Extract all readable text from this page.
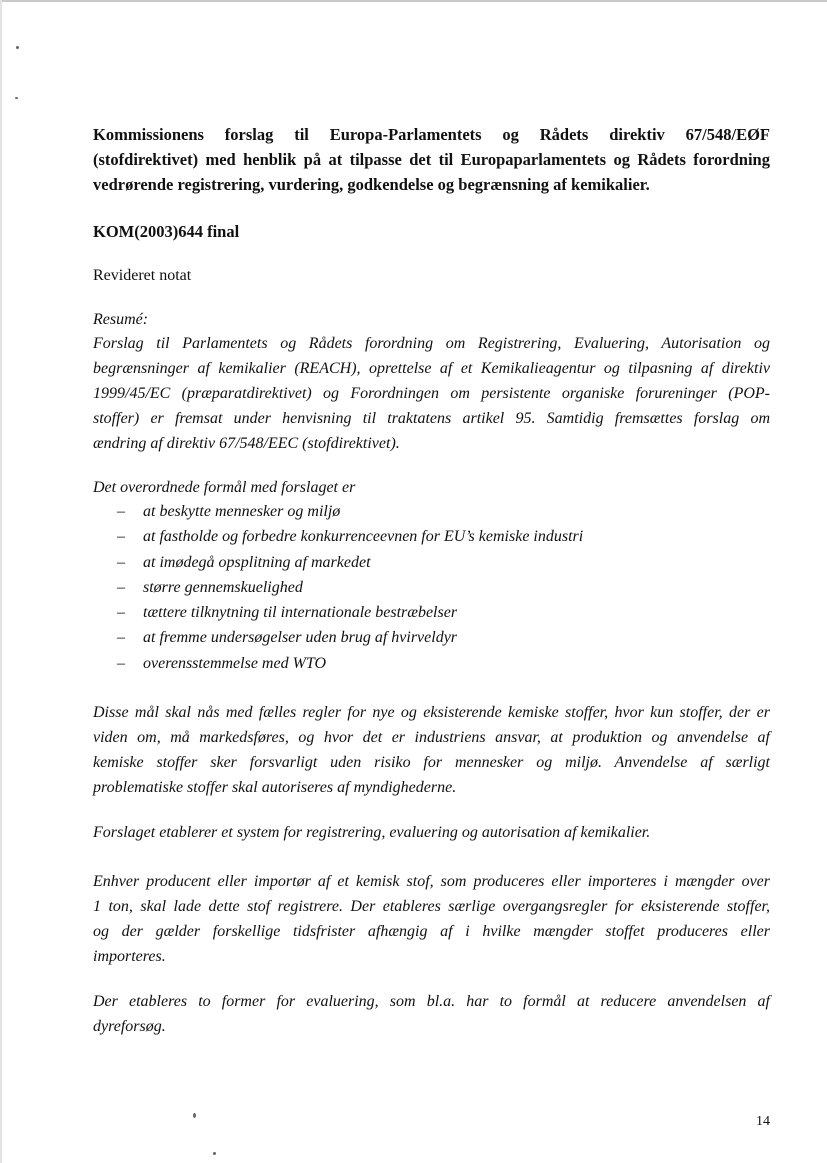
Kommissionens forslag til Europa-Parlamentets og Rådets direktiv 67/548/EØF
(stofdirektivet) med henblik på at tilpasse det til Europaparlamentets og Rådets forordning
vedrørende registrering, vurdering, godkendelse og begrænsning af kemikalier.
KOM(2003)644 final
Revideret notat
Resumé:
Forslag til Parlamentets og Rådets forordning om Registrering, Evaluering, Autorisation og
begrænsninger af kemikalier (REACH), oprettelse af et Kemikalieagentur og tilpasning af direktiv
1999/45/EC (præparatdirektivet) og Forordningen om persistente organiske forureninger (POP-
stoffer) er fremsat under henvisning til traktatens artikel 95. Samtidig fremsættes forslag om
ændring af direktiv 67/548/EEC (stofdirektivet).
Det overordnede formål med forslaget er
– at beskytte mennesker og miljø
– at fastholde og forbedre konkurrenceevnen for EU’s kemiske industri
– at imødegå opsplitning af markedet
– større gennemskuelighed
– tættere tilknytning til internationale bestræbelser
– at fremme undersøgelser uden brug af hvirveldyr
– overensstemmelse med WTO
Disse mål skal nås med fælles regler for nye og eksisterende kemiske stoffer, hvor kun stoffer, der er
viden om, må markedsføres, og hvor det er industriens ansvar, at produktion og anvendelse af
kemiske stoffer sker forsvarligt uden risiko for mennesker og miljø. Anvendelse af særligt
problematiske stoffer skal autoriseres af myndighederne.
Forslaget etablerer et system for registrering, evaluering og autorisation af kemikalier.
Enhver producent eller importør af et kemisk stof, som produceres eller importeres i mængder over
1 ton, skal lade dette stof registrere. Der etableres særlige overgangsregler for eksisterende stoffer,
og der gælder forskellige tidsfrister afhængig af i hvilke mængder stoffet produceres eller
importeres.
Der etableres to former for evaluering, som bl.a. har to formål at reducere anvendelsen af
dyreforsøg.
14
